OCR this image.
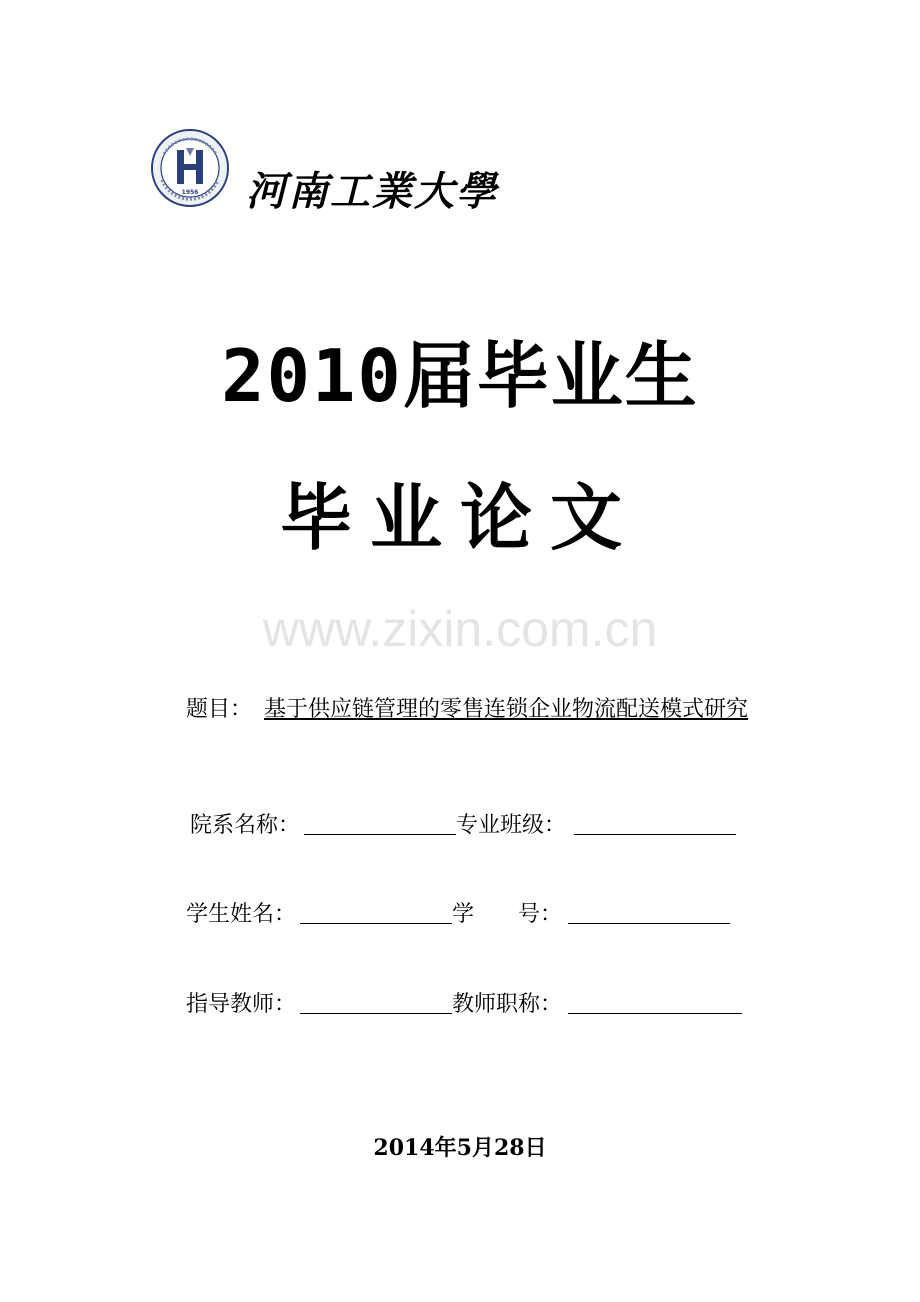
1956 河南工業大學
2010届毕业生
毕业论文
www.zixin.com.cn
题目： 基于供应链管理的零售连锁企业物流配送模式研究
院系名称：	专业班级：
学生姓名：	学　　号：
指导教师：	教师职称：
2014年5月28日
